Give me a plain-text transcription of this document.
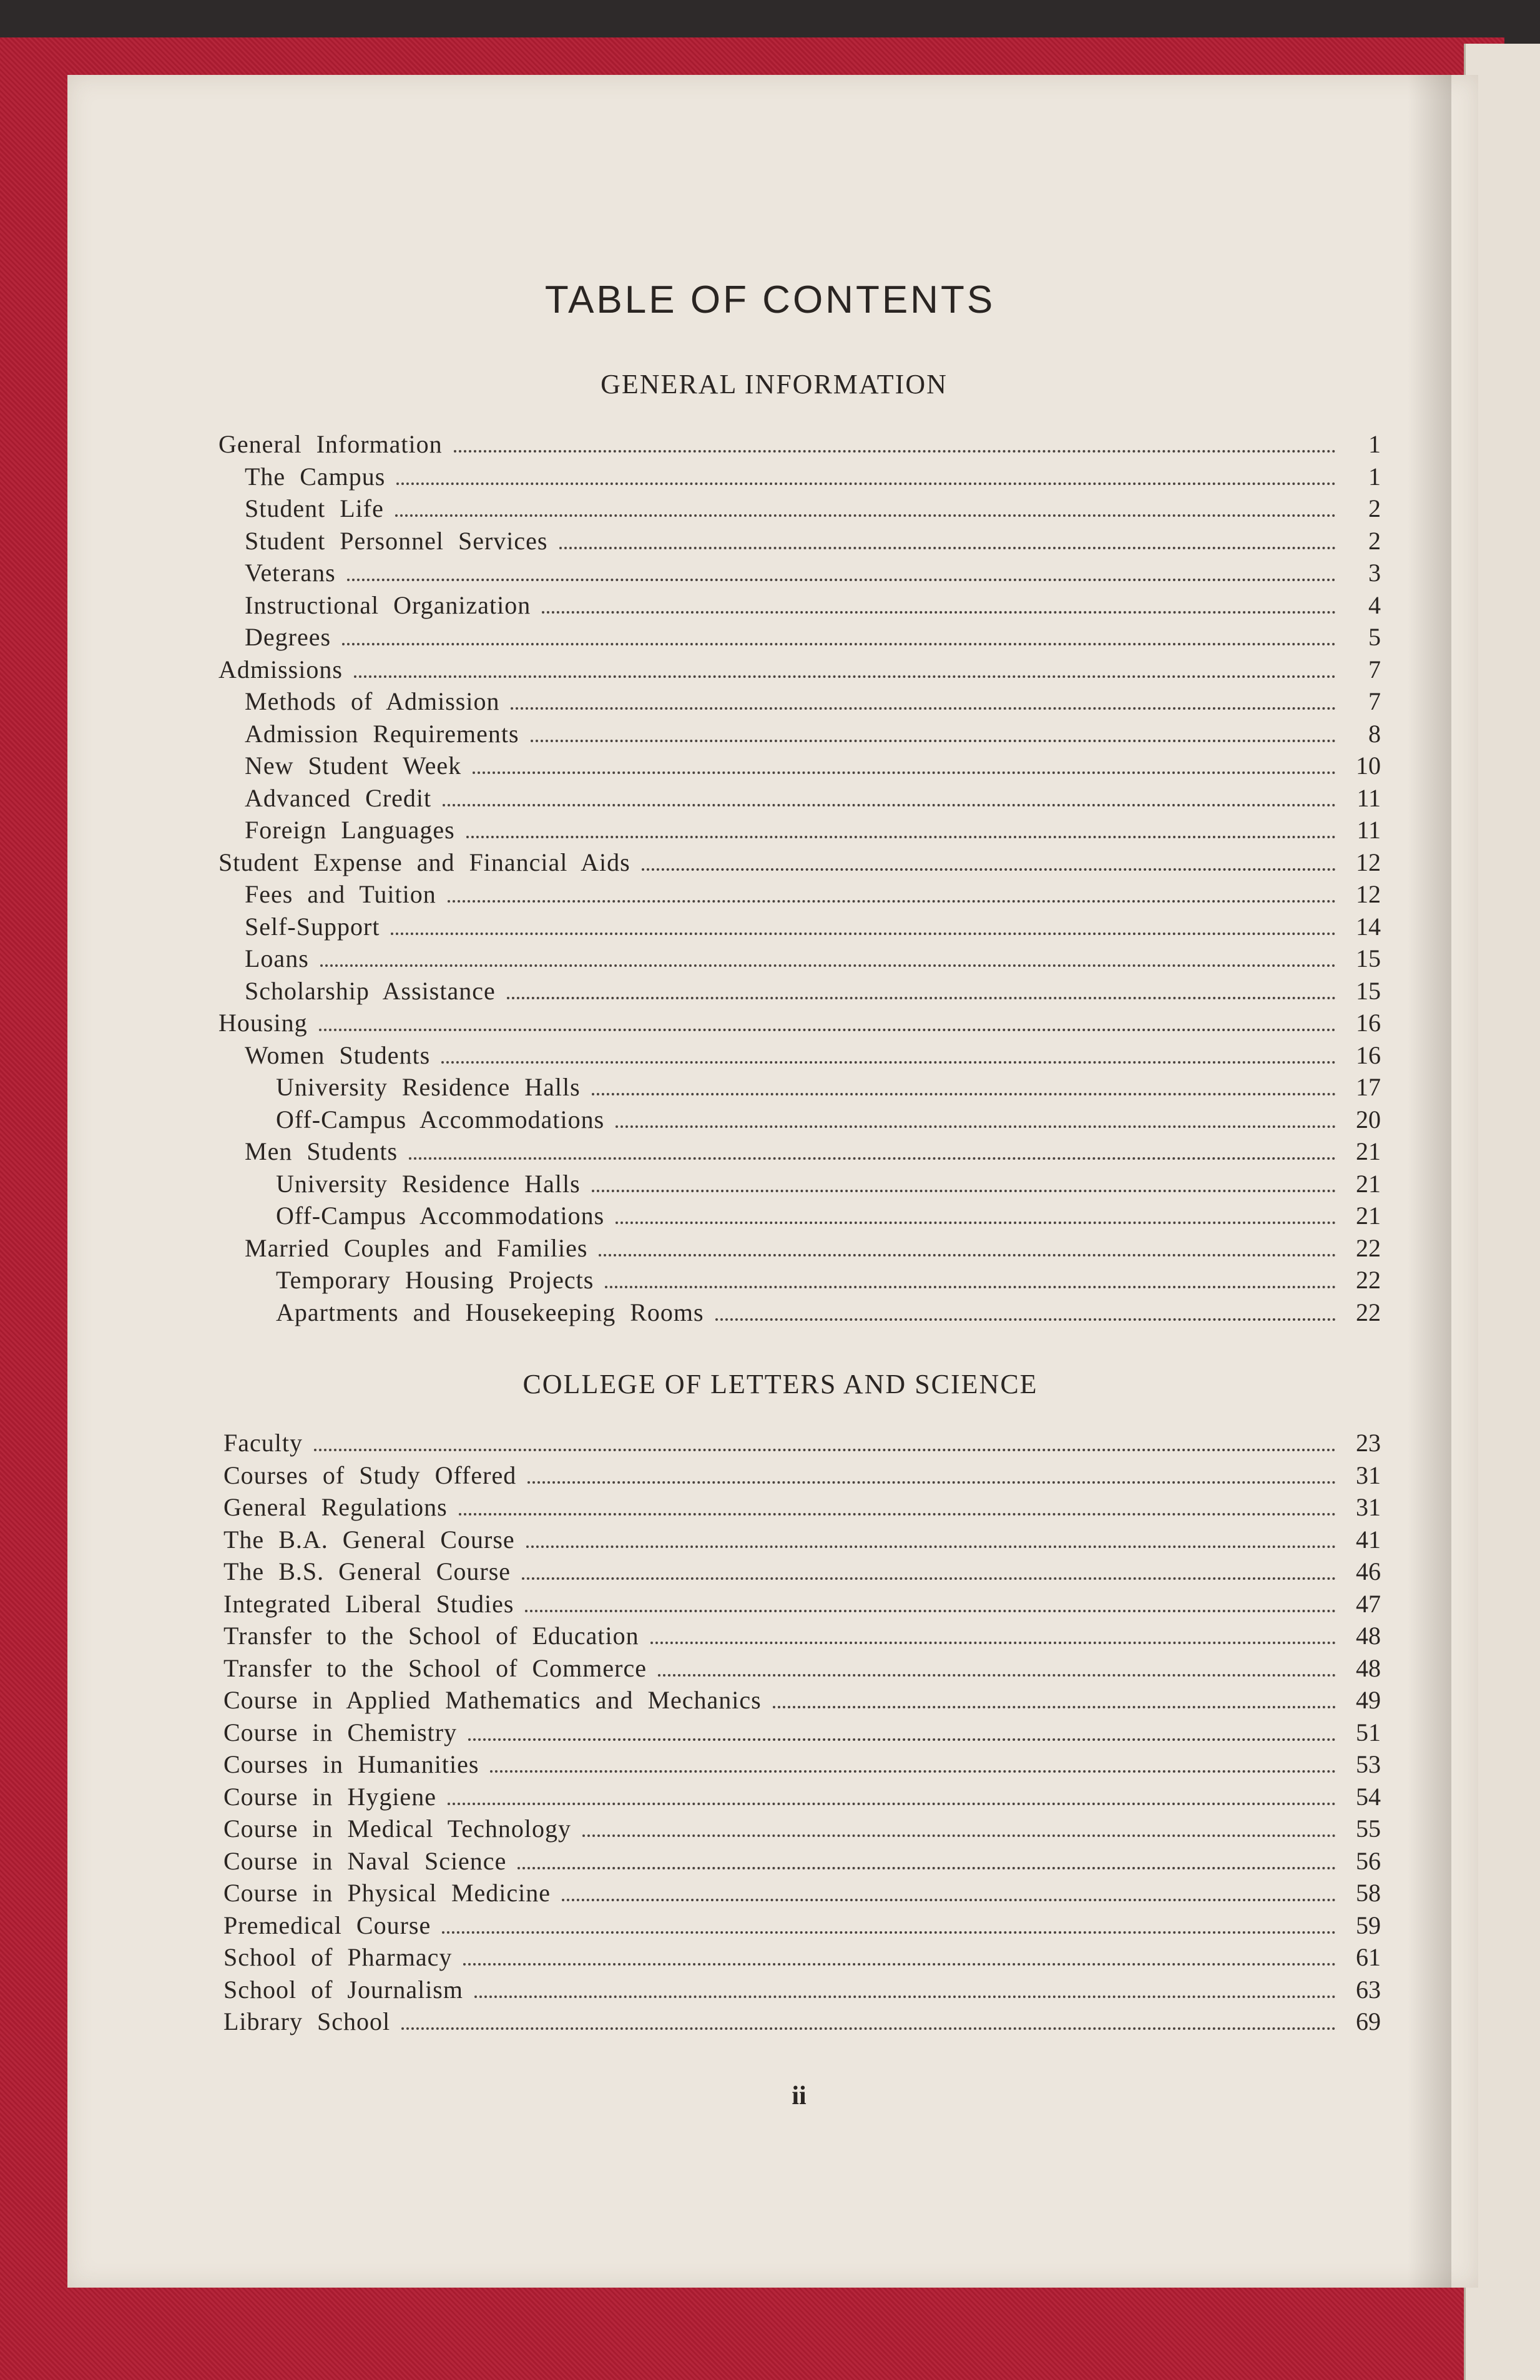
TABLE OF CONTENTS
GENERAL INFORMATION
General Information	1
The Campus	1
Student Life	2
Student Personnel Services	2
Veterans	3
Instructional Organization	4
Degrees	5
Admissions	7
Methods of Admission	7
Admission Requirements	8
New Student Week	10
Advanced Credit	11
Foreign Languages	11
Student Expense and Financial Aids	12
Fees and Tuition	12
Self-Support	14
Loans	15
Scholarship Assistance	15
Housing	16
Women Students	16
University Residence Halls	17
Off-Campus Accommodations	20
Men Students	21
University Residence Halls	21
Off-Campus Accommodations	21
Married Couples and Families	22
Temporary Housing Projects	22
Apartments and Housekeeping Rooms	22
COLLEGE OF LETTERS AND SCIENCE
Faculty	23
Courses of Study Offered	31
General Regulations	31
The B.A. General Course	41
The B.S. General Course	46
Integrated Liberal Studies	47
Transfer to the School of Education	48
Transfer to the School of Commerce	48
Course in Applied Mathematics and Mechanics	49
Course in Chemistry	51
Courses in Humanities	53
Course in Hygiene	54
Course in Medical Technology	55
Course in Naval Science	56
Course in Physical Medicine	58
Premedical Course	59
School of Pharmacy	61
School of Journalism	63
Library School	69
ii
